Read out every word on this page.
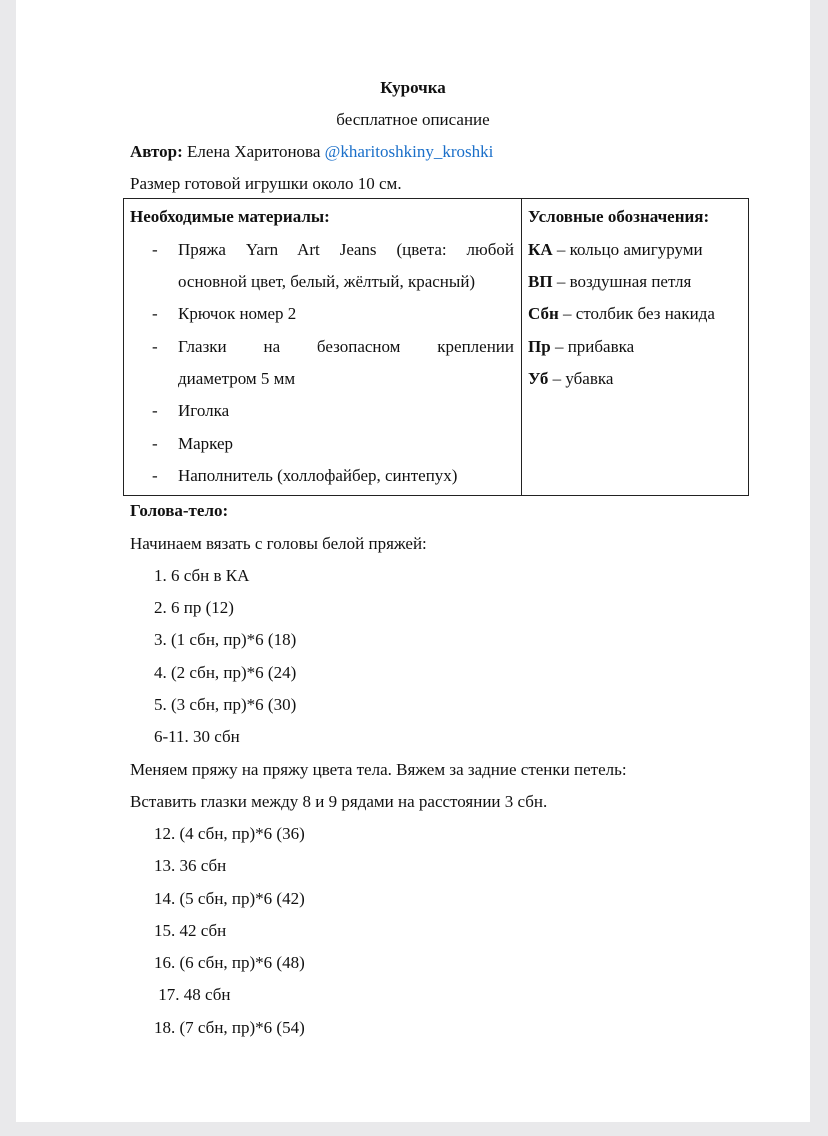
Курочка
бесплатное описание
Автор: Елена Харитонова @kharitoshkiny_kroshki
Размер готовой игрушки около 10 см.
Необходимые материалы:
- Пряжа Yarn Art Jeans (цвета: любой
основной цвет, белый, жёлтый, красный)
- Крючок номер 2
- Глазки на безопасном креплении
диаметром 5 мм
- Иголка
- Маркер
- Наполнитель (холлофайбер, синтепух)

Условные обозначения:
КА – кольцо амигуруми
ВП – воздушная петля
Сбн – столбик без накида
Пр – прибавка
Уб – убавка
Голова-тело:
Начинаем вязать с головы белой пряжей:
1. 6 сбн в КА
2. 6 пр (12)
3. (1 сбн, пр)*6 (18)
4. (2 сбн, пр)*6 (24)
5. (3 сбн, пр)*6 (30)
6-11. 30 сбн
Меняем пряжу на пряжу цвета тела. Вяжем за задние стенки петель:
Вставить глазки между 8 и 9 рядами на расстоянии 3 сбн.
12. (4 сбн, пр)*6 (36)
13. 36 сбн
14. (5 сбн, пр)*6 (42)
15. 42 сбн
16. (6 сбн, пр)*6 (48)
17. 48 сбн
18. (7 сбн, пр)*6 (54)
